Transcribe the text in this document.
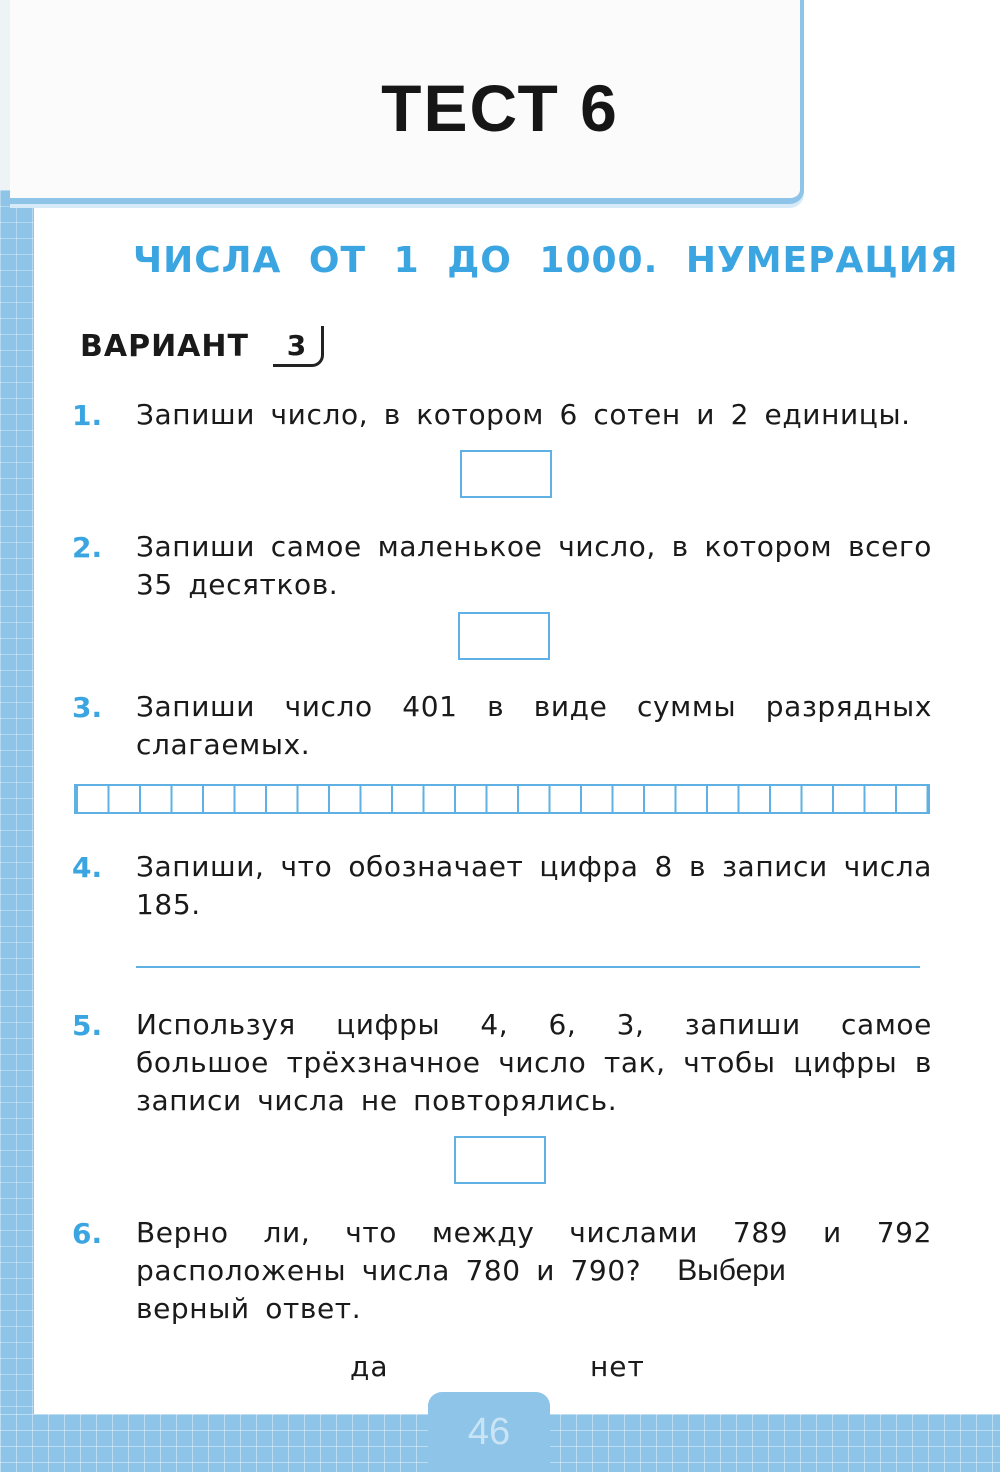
ТЕСТ 6
ЧИСЛА ОТ 1 ДО 1000. НУМЕРАЦИЯ
ВАРИАНТ	3
1.	Запиши число, в котором 6 сотен и 2 единицы.
2.	Запиши самое маленькое число, в котором всего 35 десятков.
3.	Запиши число 401 в виде суммы разрядных слагаемых.
4.	Запиши, что обозначает цифра 8 в записи числа 185.
5.	Используя цифры 4, 6, 3, запиши самое большое трёхзначное число так, чтобы цифры в записи числа не повторялись.
6.	Верно ли, что между числами 789 и 792 расположены числа 780 и 790? Выбери
верный ответ.
да	нет
46
